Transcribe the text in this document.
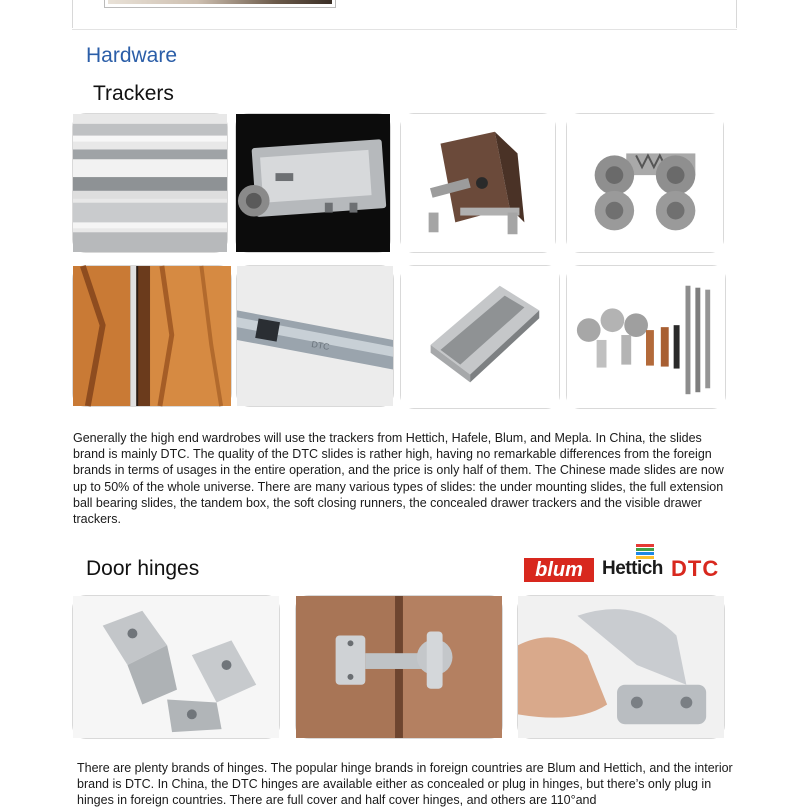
Hardware
Trackers
DTC
Generally the high end wardrobes will use the trackers from Hettich, Hafele, Blum, and Mepla. In China, the slides brand is mainly DTC. The quality of the DTC slides is rather high, having no remarkable differences from the foreign brands in terms of usages in the entire operation, and the price is only half of them. The Chinese made slides are now up to 50% of the whole universe. There are many various types of slides: the under mounting slides, the full extension ball bearing slides, the tandem box, the soft closing runners, the concealed drawer trackers and the visible drawer trackers.
Door hinges	blum	Hettich DTC
There are plenty brands of hinges. The popular hinge brands in foreign countries are Blum and Hettich, and the interior brand is DTC. In China, the DTC hinges are available either as concealed or plug in hinges, but there’s only plug in hinges in foreign countries. There are full cover and half cover hinges, and others are 110°and
